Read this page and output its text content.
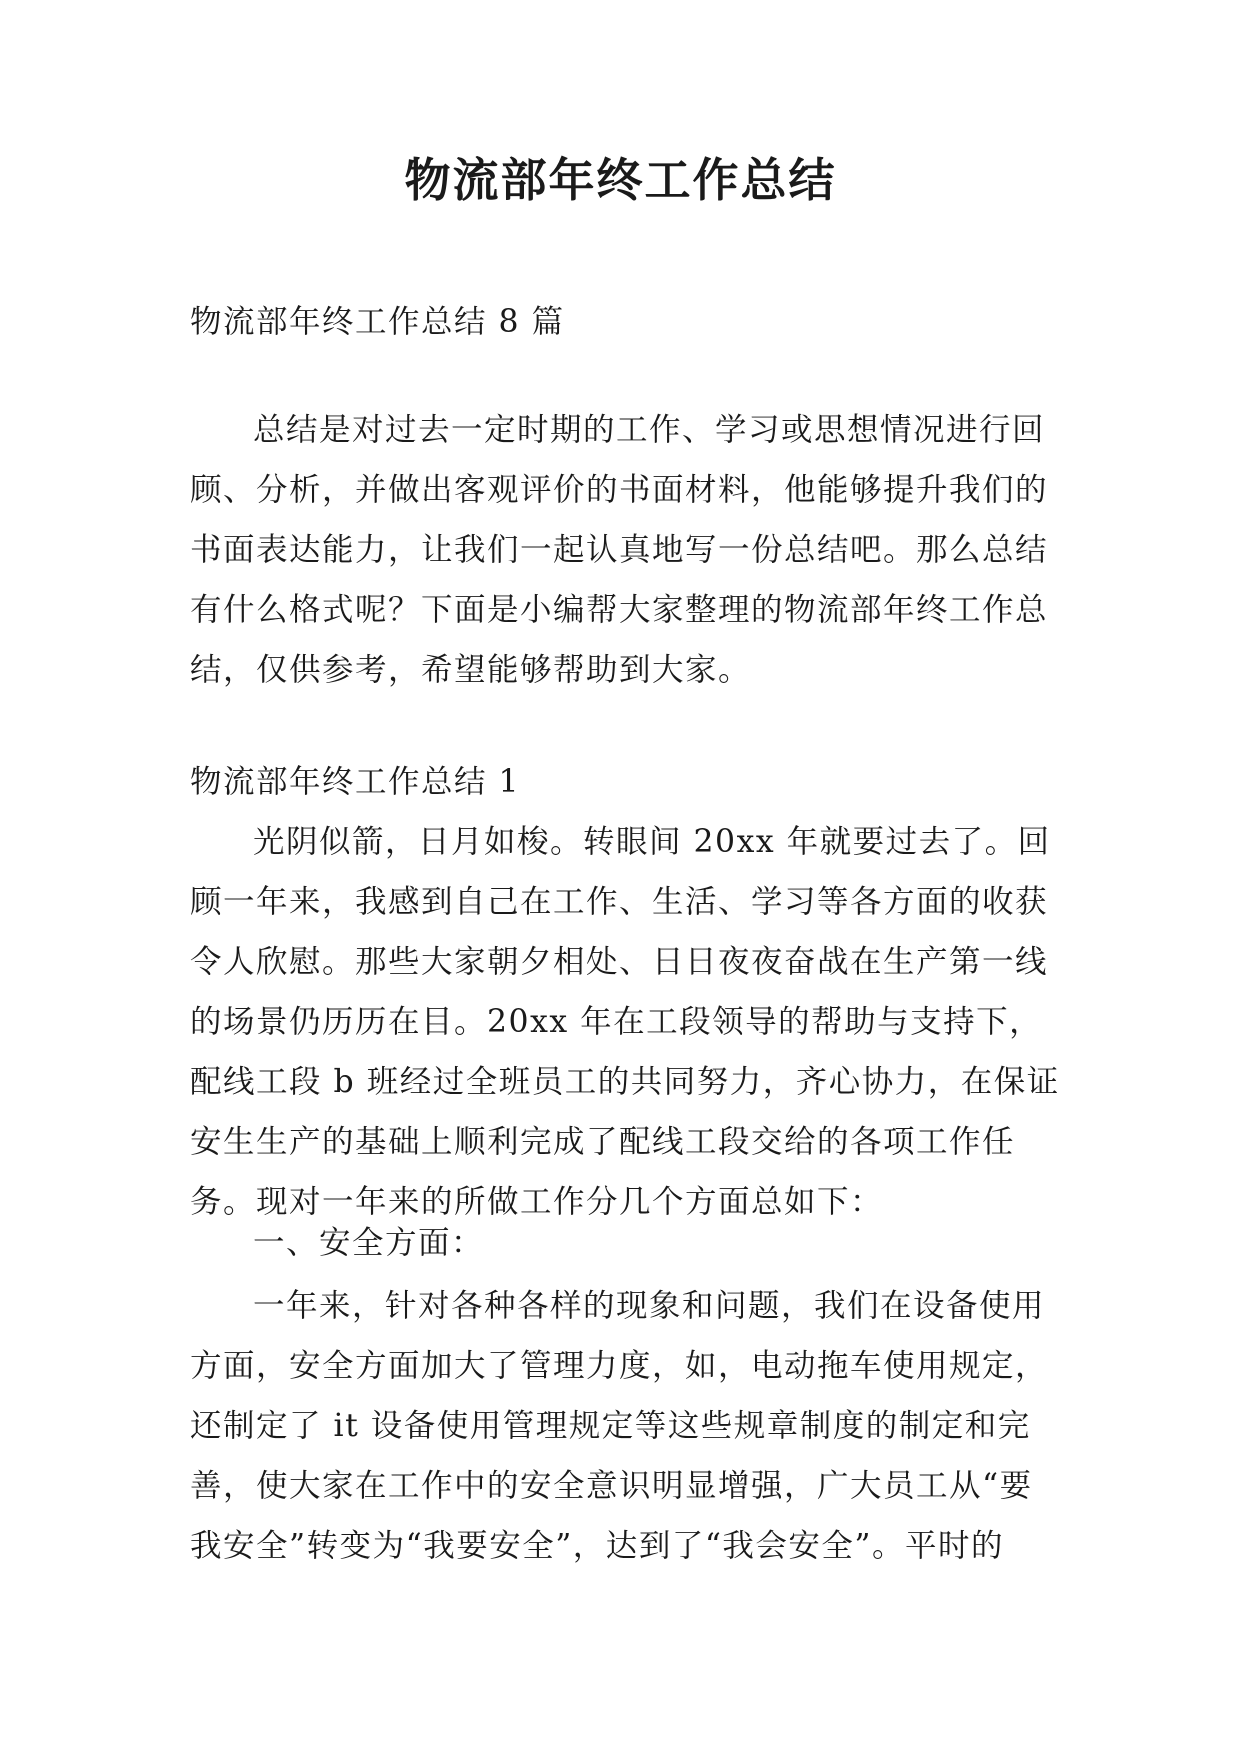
物流部年终工作总结

物流部年终工作总结 8 篇

总结是对过去一定时期的工作、学习或思想情况进行回顾、分析，并做出客观评价的书面材料，他能够提升我们的书面表达能力，让我们一起认真地写一份总结吧。那么总结有什么格式呢？下面是小编帮大家整理的物流部年终工作总结，仅供参考，希望能够帮助到大家。

物流部年终工作总结 1

光阴似箭，日月如梭。转眼间 20xx 年就要过去了。回顾一年来，我感到自己在工作、生活、学习等各方面的收获令人欣慰。那些大家朝夕相处、日日夜夜奋战在生产第一线的场景仍历历在目。20xx 年在工段领导的帮助与支持下，配线工段 b 班经过全班员工的共同努力，齐心协力，在保证安生生产的基础上顺利完成了配线工段交给的各项工作任务。现对一年来的所做工作分几个方面总如下：

一、安全方面：

一年来，针对各种各样的现象和问题，我们在设备使用方面，安全方面加大了管理力度，如，电动拖车使用规定，还制定了 it 设备使用管理规定等这些规章制度的制定和完善，使大家在工作中的安全意识明显增强，广大员工从“要我安全”转变为“我要安全”，达到了“我会安全”。平时的
